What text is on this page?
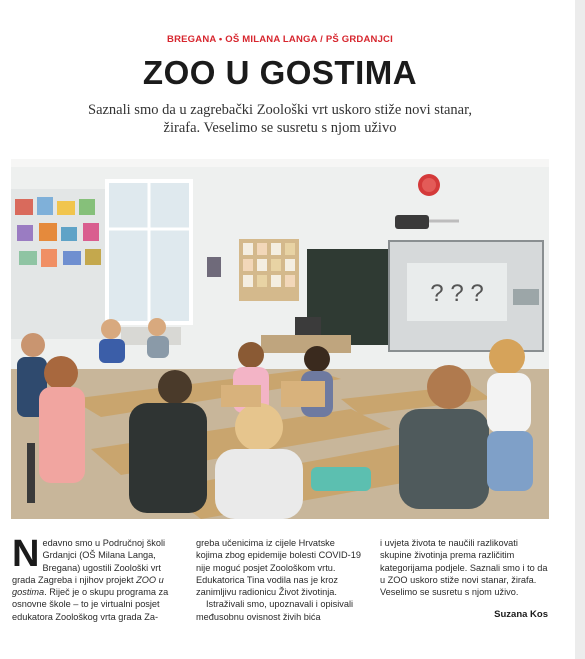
BREGANA • OŠ MILANA LANGA / PŠ GRDANJCI
ZOO U GOSTIMA
Saznali smo da u zagrebački Zoološki vrt uskoro stiže novi stanar, žirafa. Veselimo se susretu s njom uživo
? ? ?

Nedavno smo u Područnoj školi Grdanjci (OŠ Milana Langa, Bregana) ugostili Zoološki vrt grada Zagreba i njihov projekt ZOO u gostima. Riječ je o skupu programa za osnovne škole – to je virtualni posjet edukatora Zoološkog vrta grada Za-

greba učenicima iz cijele Hrvatske kojima zbog epidemije bolesti COVID-19 nije moguć posjet Zoološkom vrtu. Edukatorica Tina vodila nas je kroz zanimljivu radionicu Život životinja.

Istraživali smo, upoznavali i opisivali međusobnu ovisnost živih bića

i uvjeta života te naučili razlikovati skupine životinja prema različitim kategorijama podjele. Saznali smo i to da u ZOO uskoro stiže novi stanar, žirafa. Veselimo se susretu s njom uživo.

Suzana Kos
